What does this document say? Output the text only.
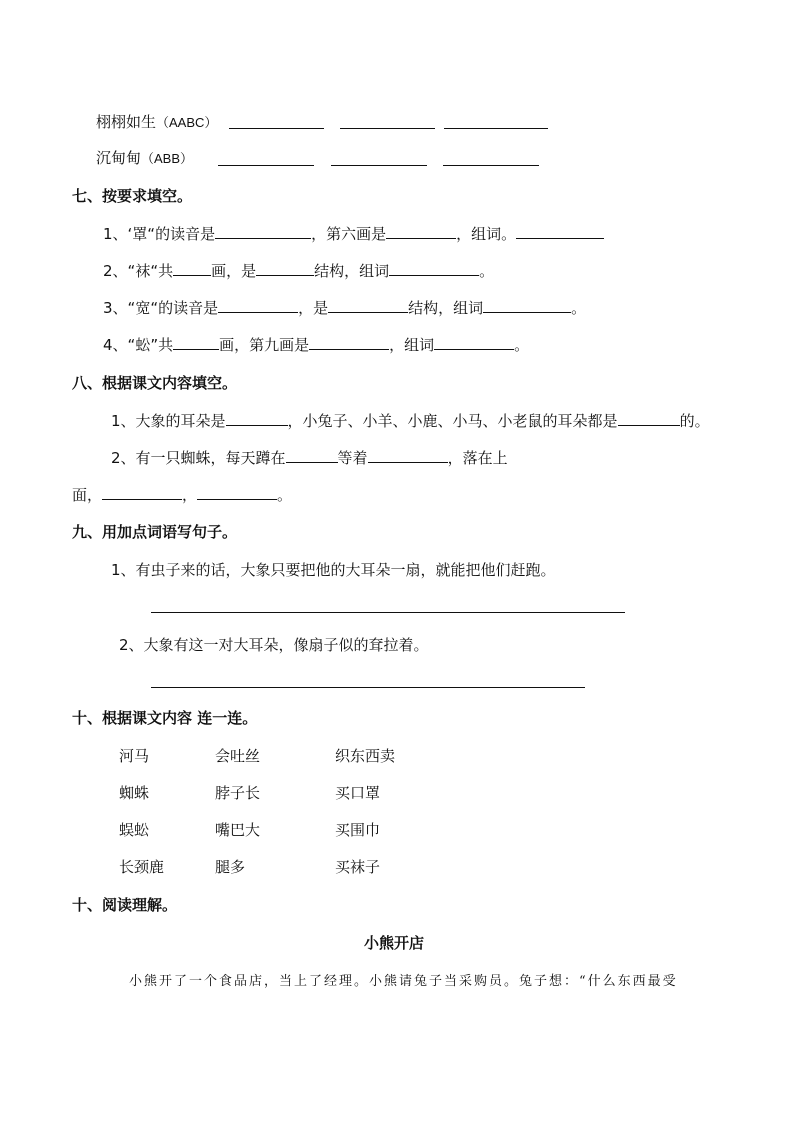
栩栩如生（AABC）
沉甸甸（ABB）
七、按要求填空。
1、‘罩“的读音是	，第六画是	，组词。
2、“袜“共	画，是	结构，组词	。
3、“宽“的读音是	，是	结构，组词	。
4、“蚣”共	画，第九画是	，组词	。
八、根据课文内容填空。
1、大象的耳朵是	，小兔子、小羊、小鹿、小马、小老鼠的耳朵都是	的。
2、有一只蜘蛛，每天蹲在	等着	，落在上
面，	，	。
九、用加点词语写句子。
1、有虫子来的话，大象只要把他的大耳朵一扇，就能把他们赶跑。
2、大象有这一对大耳朵，像扇子似的耷拉着。
十、根据课文内容 连一连。
河马	会吐丝	织东西卖
蜘蛛	脖子长	买口罩
蜈蚣	嘴巴大	买围巾
长颈鹿	腿多	买袜子
十、阅读理解。
小熊开店
小熊开了一个食品店，当上了经理。小熊请兔子当采购员。兔子想：“什么东西最受
